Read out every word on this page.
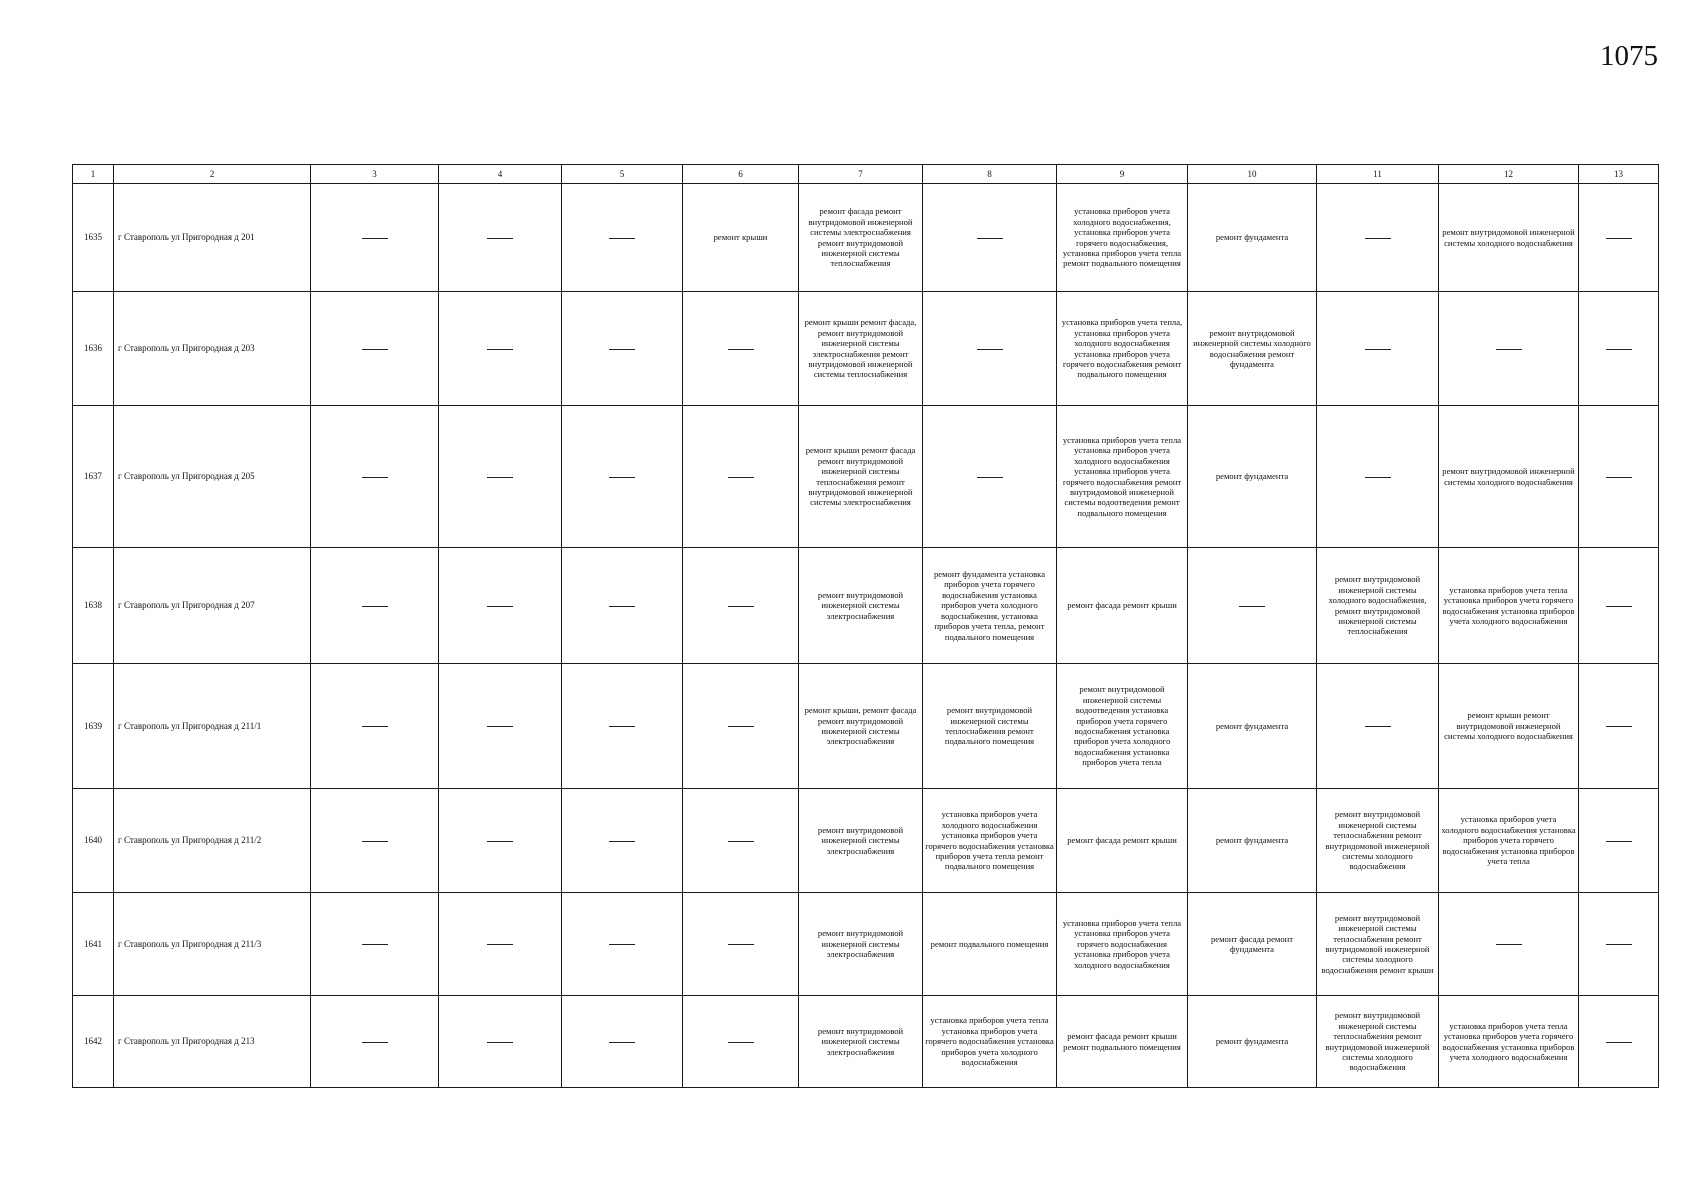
1075
1	2	3	4	5	6	7	8	9	10	11	12	13
1635	г Ставрополь ул Пригородная д 201				ремонт крыши	ремонт фасада ремонт внутридомовой инженерной системы электроснабжения ремонт внутридомовой инженерной системы теплоснабжения		установка приборов учета холодного водоснабжения, установка приборов учета горячего водоснабжения, установка приборов учета тепла ремонт подвального помещения	ремонт фундамента		ремонт внутридомовой инженерной системы холодного водоснабжения	
1636	г Ставрополь ул Пригородная д 203					ремонт крыши ремонт фасада, ремонт внутридомовой инженерной системы электроснабжения ремонт внутридомовой инженерной системы теплоснабжения		установка приборов учета тепла, установка приборов учета холодного водоснабжения установка приборов учета горячего водоснабжения ремонт подвального помещения	ремонт внутридомовой инженерной системы холодного водоснабжения ремонт фундамента			
1637	г Ставрополь ул Пригородная д 205					ремонт крыши ремонт фасада ремонт внутридомовой инженерной системы теплоснабжения ремонт внутридомовой инженерной системы электроснабжения		установка приборов учета тепла установка приборов учета холодного водоснабжения установка приборов учета горячего водоснабжения ремонт внутридомовой инженерной системы водоотведения ремонт подвального помещения	ремонт фундамента		ремонт внутридомовой инженерной системы холодного водоснабжения	
1638	г Ставрополь ул Пригородная д 207					ремонт внутридомовой инженерной системы электроснабжения	ремонт фундамента установка приборов учета горячего водоснабжения установка приборов учета холодного водоснабжения, установка приборов учета тепла, ремонт подвального помещения	ремонт фасада ремонт крыши		ремонт внутридомовой инженерной системы холодного водоснабжения, ремонт внутридомовой инженерной системы теплоснабжения	установка приборов учета тепла установка приборов учета горячего водоснабжения установка приборов учета холодного водоснабжения	
1639	г Ставрополь ул Пригородная д 211/1					ремонт крыши, ремонт фасада ремонт внутридомовой инженерной системы электроснабжения	ремонт внутридомовой инженерной системы теплоснабжения ремонт подвального помещения	ремонт внутридомовой инженерной системы водоотведения установка приборов учета горячего водоснабжения установка приборов учета холодного водоснабжения установка приборов учета тепла	ремонт фундамента		ремонт крыши ремонт внутридомовой инженерной системы холодного водоснабжения	
1640	г Ставрополь ул Пригородная д 211/2					ремонт внутридомовой инженерной системы электроснабжения	установка приборов учета холодного водоснабжения установка приборов учета горячего водоснабжения установка приборов учета тепла ремонт подвального помещения	ремонт фасада ремонт крыши	ремонт фундамента	ремонт внутридомовой инженерной системы теплоснабжения ремонт внутридомовой инженерной системы холодного водоснабжения	установка приборов учета холодного водоснабжения установка приборов учета горячего водоснабжения установка приборов учета тепла	
1641	г Ставрополь ул Пригородная д 211/3					ремонт внутридомовой инженерной системы электроснабжения	ремонт подвального помещения	установка приборов учета тепла установка приборов учета горячего водоснабжения установка приборов учета холодного водоснабжения	ремонт фасада ремонт фундамента	ремонт внутридомовой инженерной системы теплоснабжения ремонт внутридомовой инженерной системы холодного водоснабжения ремонт крыши		
1642	г Ставрополь ул Пригородная д 213					ремонт внутридомовой инженерной системы электроснабжения	установка приборов учета тепла установка приборов учета горячего водоснабжения установка приборов учета холодного водоснабжения	ремонт фасада ремонт крыши ремонт подвального помещения	ремонт фундамента	ремонт внутридомовой инженерной системы теплоснабжения ремонт внутридомовой инженерной системы холодного водоснабжения	установка приборов учета тепла установка приборов учета горячего водоснабжения установка приборов учета холодного водоснабжения	
